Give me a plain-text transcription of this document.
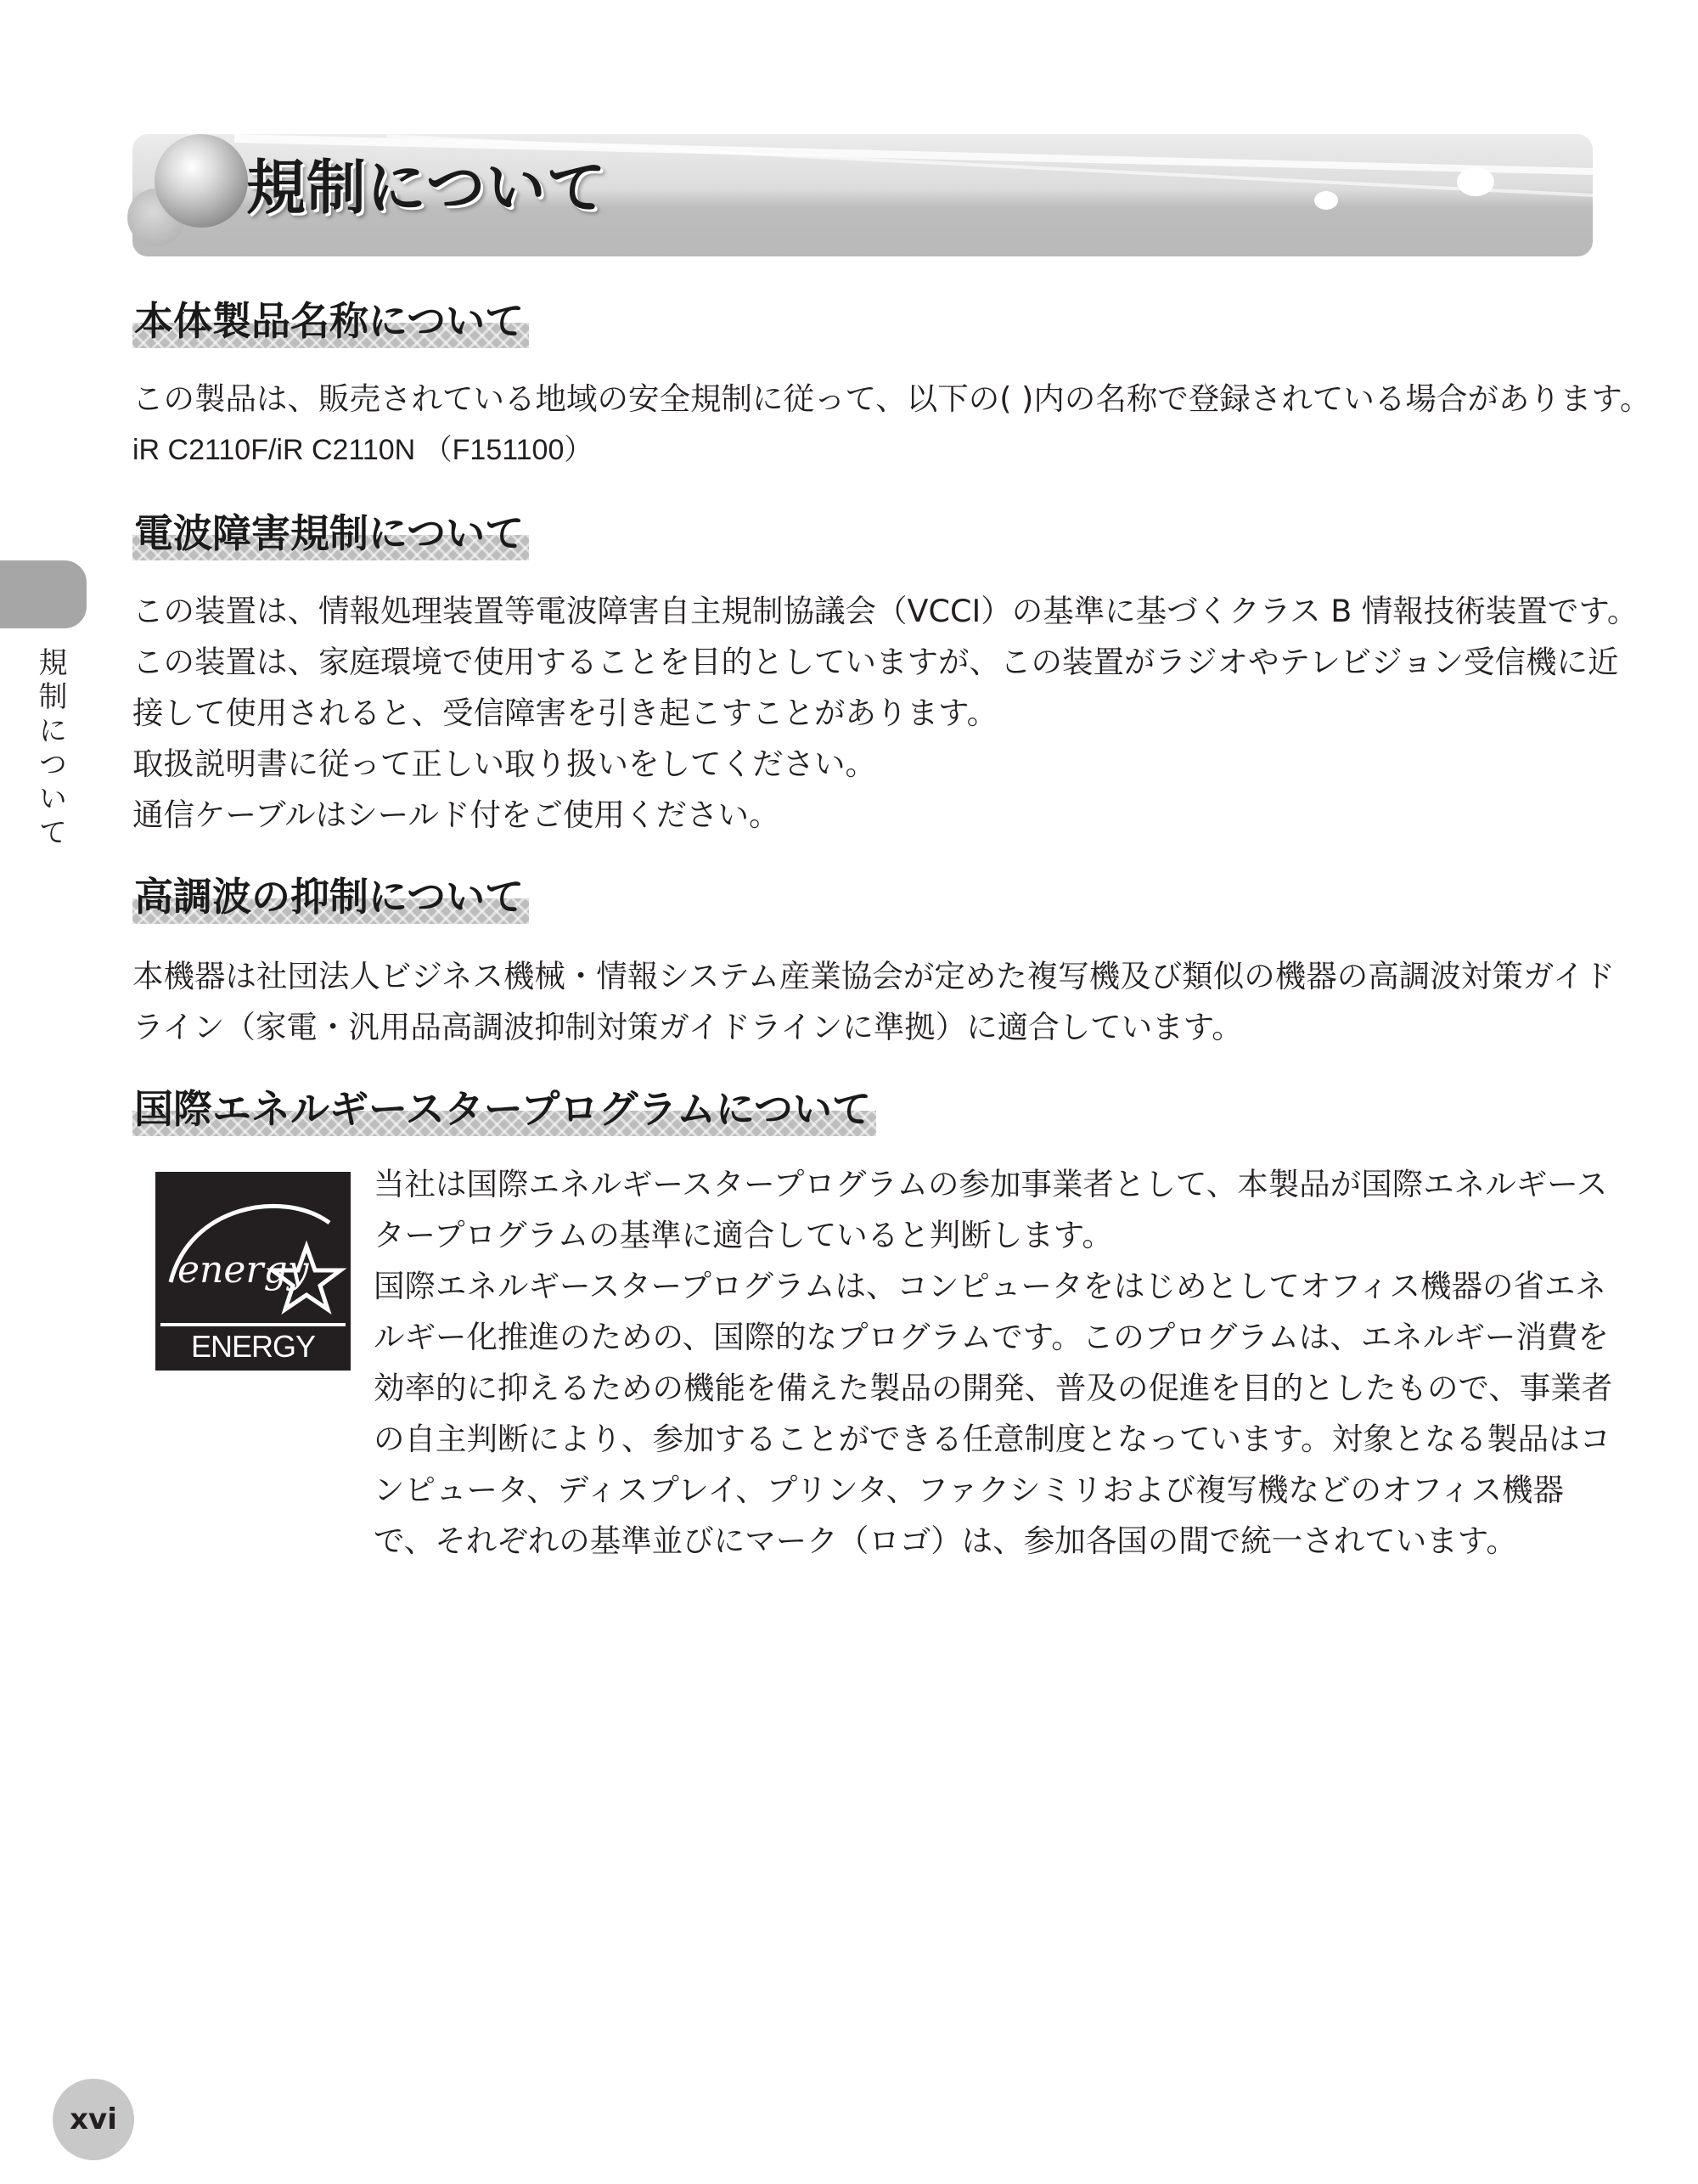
規制について
本体製品名称について

この製品は、販売されている地域の安全規制に従って、以下の( )内の名称で登録されている場合があります。

iR C2110F/iR C2110N （F151100）

電波障害規制について

この装置は、情報処理装置等電波障害自主規制協議会（VCCI）の基準に基づくクラス B 情報技術装置です。

この装置は、家庭環境で使用することを目的としていますが、この装置がラジオやテレビジョン受信機に近

接して使用されると、受信障害を引き起こすことがあります。

取扱説明書に従って正しい取り扱いをしてください。

通信ケーブルはシールド付をご使用ください。

高調波の抑制について

本機器は社団法人ビジネス機械・情報システム産業協会が定めた複写機及び類似の機器の高調波対策ガイド

ライン（家電・汎用品高調波抑制対策ガイドラインに準拠）に適合しています。

国際エネルギースタープログラムについて
energy
ENERGY STAR

当社は国際エネルギースタープログラムの参加事業者として、本製品が国際エネルギース

タープログラムの基準に適合していると判断します。

国際エネルギースタープログラムは、コンピュータをはじめとしてオフィス機器の省エネ

ルギー化推進のための、国際的なプログラムです。このプログラムは、エネルギー消費を

効率的に抑えるための機能を備えた製品の開発、普及の促進を目的としたもので、事業者

の自主判断により、参加することができる任意制度となっています。対象となる製品はコ

ンピュータ、ディスプレイ、プリンタ、ファクシミリおよび複写機などのオフィス機器

で、それぞれの基準並びにマーク（ロゴ）は、参加各国の間で統一されています。

規制について
xvi
